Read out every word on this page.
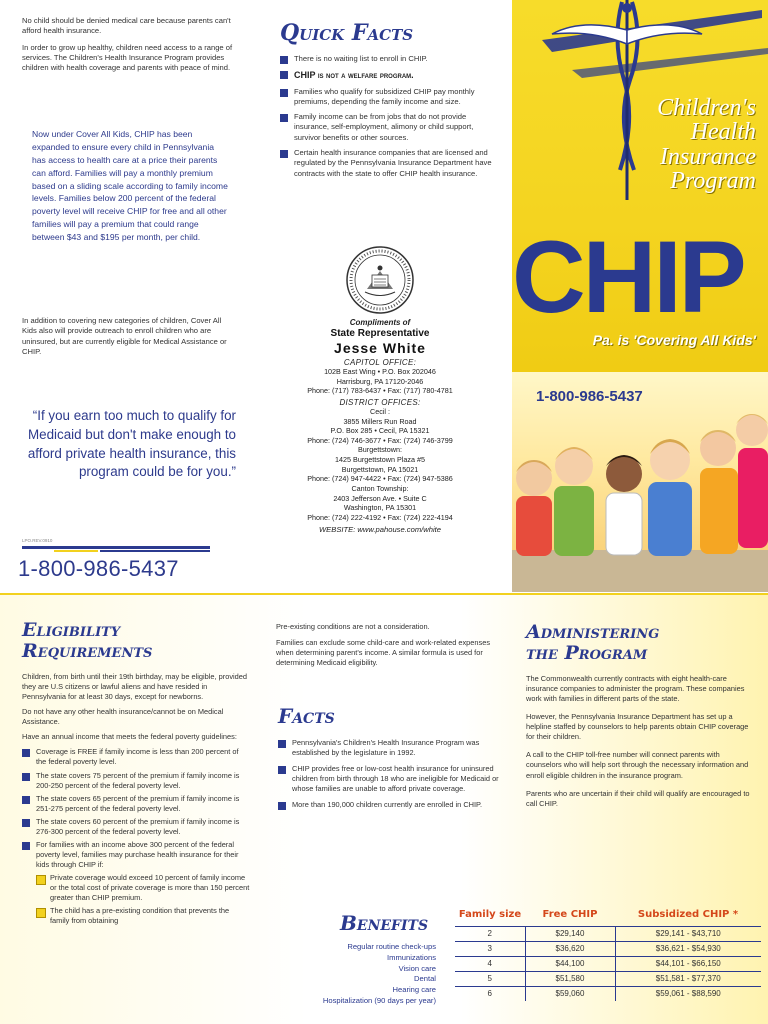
No child should be denied medical care because parents can't afford health insurance.

In order to grow up healthy, children need access to a range of services. The Children's Health Insurance Program provides children with health coverage and parents with peace of mind.

Now under Cover All Kids, CHIP has been expanded to ensure every child in Pennsylvania has access to health care at a price their parents can afford. Families will pay a monthly premium based on a sliding scale according to family income levels. Families below 200 percent of the federal poverty level will receive CHIP for free and all other families will pay a premium that could range between $43 and $195 per month, per child.

In addition to covering new categories of children, Cover All Kids also will provide outreach to enroll children who are uninsured, but are currently eligible for Medical Assistance or CHIP.

“If you earn too much to qualify for Medicaid but don't make enough to afford private health insurance, this program could be for you.”
LPO.REV.0910
1-800-986-5437
Quick Facts
There is no waiting list to enroll in CHIP.
CHIP is not a welfare program.
Families who qualify for subsidized CHIP pay monthly premiums, depending the family income and size.
Family income can be from jobs that do not provide insurance, self-employment, alimony or child support, survivor benefits or other sources.
Certain health insurance companies that are licensed and regulated by the Pennsylvania Insurance Department have contracts with the state to offer CHIP health insurance.
Compliments of
State Representative
Jesse White
CAPITOL OFFICE:
102B East Wing • P.O. Box 202046
Harrisburg, PA 17120-2046
Phone: (717) 783-6437 • Fax: (717) 780-4781
DISTRICT OFFICES:
Cecil :
3855 Millers Run Road
P.O. Box 285 • Cecil, PA 15321
Phone: (724) 746-3677 • Fax: (724) 746-3799
Burgettstown:
1425 Burgettstown Plaza #5
Burgettstown, PA 15021
Phone: (724) 947-4422 • Fax: (724) 947-5386
Canton Township:
2403 Jefferson Ave. • Suite C
Washington, PA 15301
Phone: (724) 222-4192 • Fax: (724) 222-4194
WEBSITE: www.pahouse.com/white
Children's
Health
Insurance
Program
CHIP
Pa. is 'Covering All Kids'
1-800-986-5437
Eligibility
Requirements

Children, from birth until their 19th birthday, may be eligible, provided they are U.S citizens or lawful aliens and have resided in Pennsylvania for at least 30 days, except for newborns.

Do not have any other health insurance/cannot be on Medical Assistance.

Have an annual income that meets the federal poverty guidelines:

Coverage is FREE if family income is less than 200 percent of the federal poverty level.
The state covers 75 percent of the premium if family income is 200-250 percent of the federal poverty level.
The state covers 65 percent of the premium if family income is 251-275 percent of the federal poverty level.
The state covers 60 percent of the premium if family income is 276-300 percent of the federal poverty level.
For families with an income above 300 percent of the federal poverty level, families may purchase health insurance for their kids through CHIP if:
Private coverage would exceed 10 percent of family income or the total cost of private coverage is more than 150 percent greater than CHIP premium.
The child has a pre-existing condition that prevents the family from obtaining

Pre-existing conditions are not a consideration.

Families can exclude some child-care and work-related expenses when determining parent's income. A similar formula is used for determining Medicaid eligibility.

Facts
Pennsylvania's Children's Health Insurance Program was established by the legislature in 1992.
CHIP provides free or low-cost health insurance for uninsured children from birth through 18 who are ineligible for Medicaid or whose families are unable to afford private coverage.
More than 190,000 children currently are enrolled in CHIP.
Administering
the Program

The Commonwealth currently contracts with eight health-care insurance companies to administer the program. These companies work with families in different parts of the state.

However, the Pennsylvania Insurance Department has set up a helpline staffed by counselors to help parents obtain CHIP coverage for their children.

A call to the CHIP toll-free number will connect parents with counselors who will help sort through the necessary information and enroll eligible children in the insurance program.

Parents who are uncertain if their child will qualify are encouraged to call CHIP.

Benefits
Regular routine check-ups
Immunizations
Vision care
Dental
Hearing care
Hospitalization (90 days per year)
Family size	Free CHIP	Subsidized CHIP *
2	$29,140	$29,141 - $43,710
3	$36,620	$36,621 - $54,930
4	$44,100	$44,101 - $66,150
5	$51,580	$51,581 - $77,370
6	$59,060	$59,061 - $88,590
